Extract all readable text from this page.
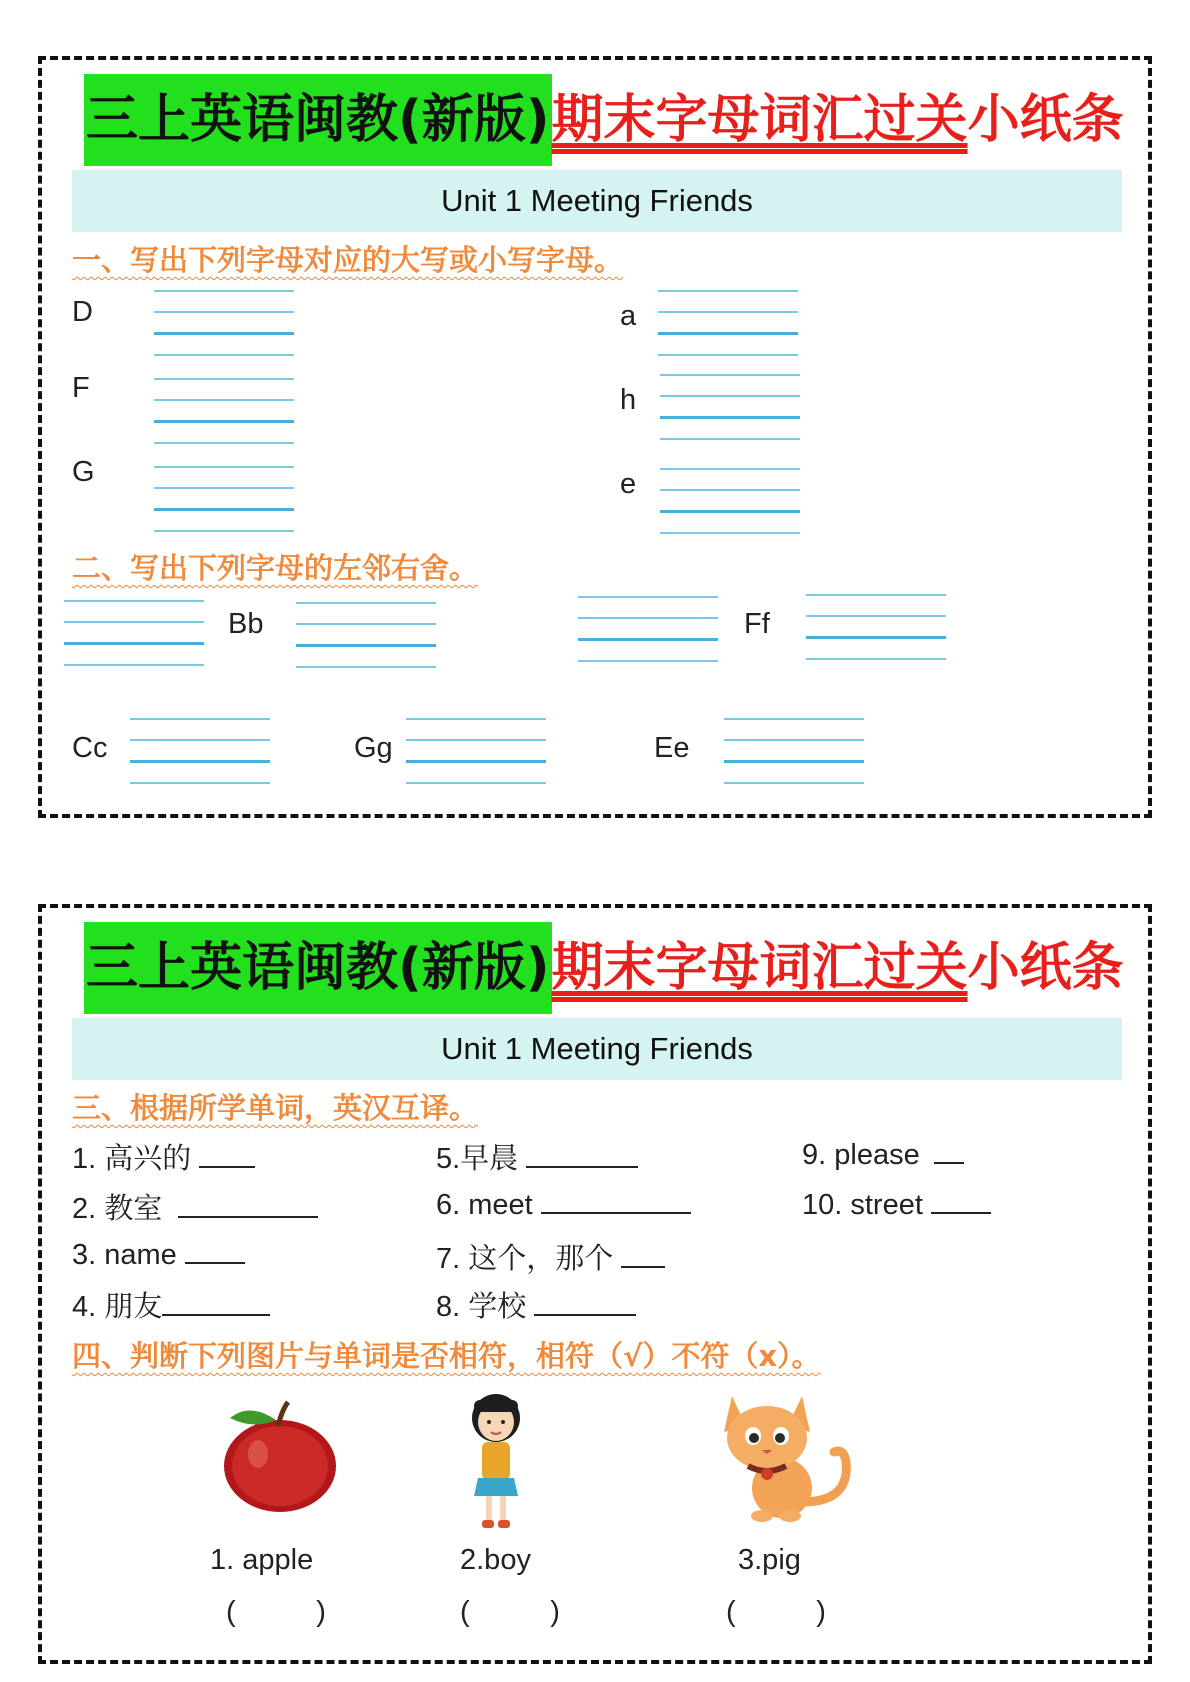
三上英语闽教(新版) 期末字母词汇过关 小纸条
Unit 1 Meeting Friends
一、写出下列字母对应的大写或小写字母。
D
F
G
a
h
e
二、写出下列字母的左邻右舍。
Bb	Ff
Cc	Gg	Ee
三上英语闽教(新版) 期末字母词汇过关 小纸条
Unit 1 Meeting Friends
三、根据所学单词，英汉互译。
1. 高兴的
2. 教室
3. name
4. 朋友
5.早晨
6. meet
7. 这个，那个
8. 学校
9. please
10. street
四、判断下列图片与单词是否相符，相符（√）不符（x）。
1. apple	2.boy	3.pig
(          )	(          )	(          )
